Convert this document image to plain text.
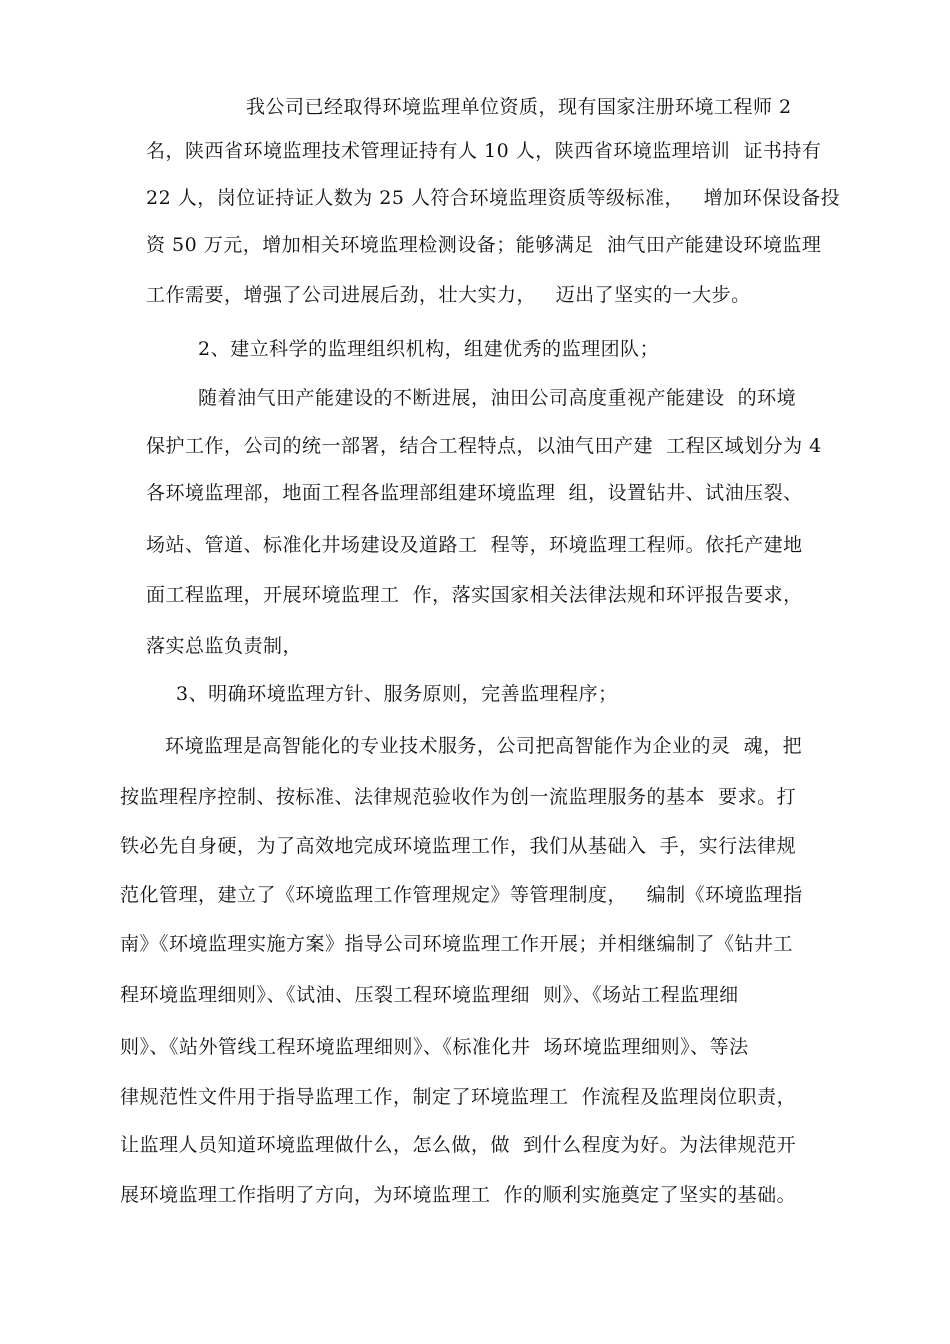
我公司已经取得环境监理单位资质，现有国家注册环境工程师 2
名，陕西省环境监理技术管理证持有人 10 人，陕西省环境监理培训  证书持有
22 人，岗位证持证人数为 25 人符合环境监理资质等级标准，   增加环保设备投
资 50 万元，增加相关环境监理检测设备；能够满足  油气田产能建设环境监理
工作需要，增强了公司进展后劲，壮大实力，   迈出了坚实的一大步。
2、建立科学的监理组织机构，组建优秀的监理团队；
随着油气田产能建设的不断进展，油田公司高度重视产能建设  的环境
保护工作，公司的统一部署，结合工程特点，以油气田产建  工程区域划分为 4
各环境监理部，地面工程各监理部组建环境监理  组，设置钻井、试油压裂、
场站、管道、标准化井场建设及道路工  程等，环境监理工程师。依托产建地
面工程监理，开展环境监理工  作，落实国家相关法律法规和环评报告要求，
落实总监负责制，
3、明确环境监理方针、服务原则，完善监理程序；
环境监理是高智能化的专业技术服务，公司把高智能作为企业的灵  魂，把
按监理程序控制、按标准、法律规范验收作为创一流监理服务的基本  要求。打
铁必先自身硬，为了高效地完成环境监理工作，我们从基础入  手，实行法律规
范化管理，建立了《环境监理工作管理规定》等管理制度，   编制《环境监理指
南》《环境监理实施方案》指导公司环境监理工作开展；并相继编制了《钻井工
程环境监理细则》、《试油、压裂工程环境监理细  则》、《场站工程监理细
则》、《站外管线工程环境监理细则》、《标准化井  场环境监理细则》、等法
律规范性文件用于指导监理工作，制定了环境监理工  作流程及监理岗位职责，
让监理人员知道环境监理做什么，怎么做，做  到什么程度为好。为法律规范开
展环境监理工作指明了方向，为环境监理工  作的顺利实施奠定了坚实的基础。
